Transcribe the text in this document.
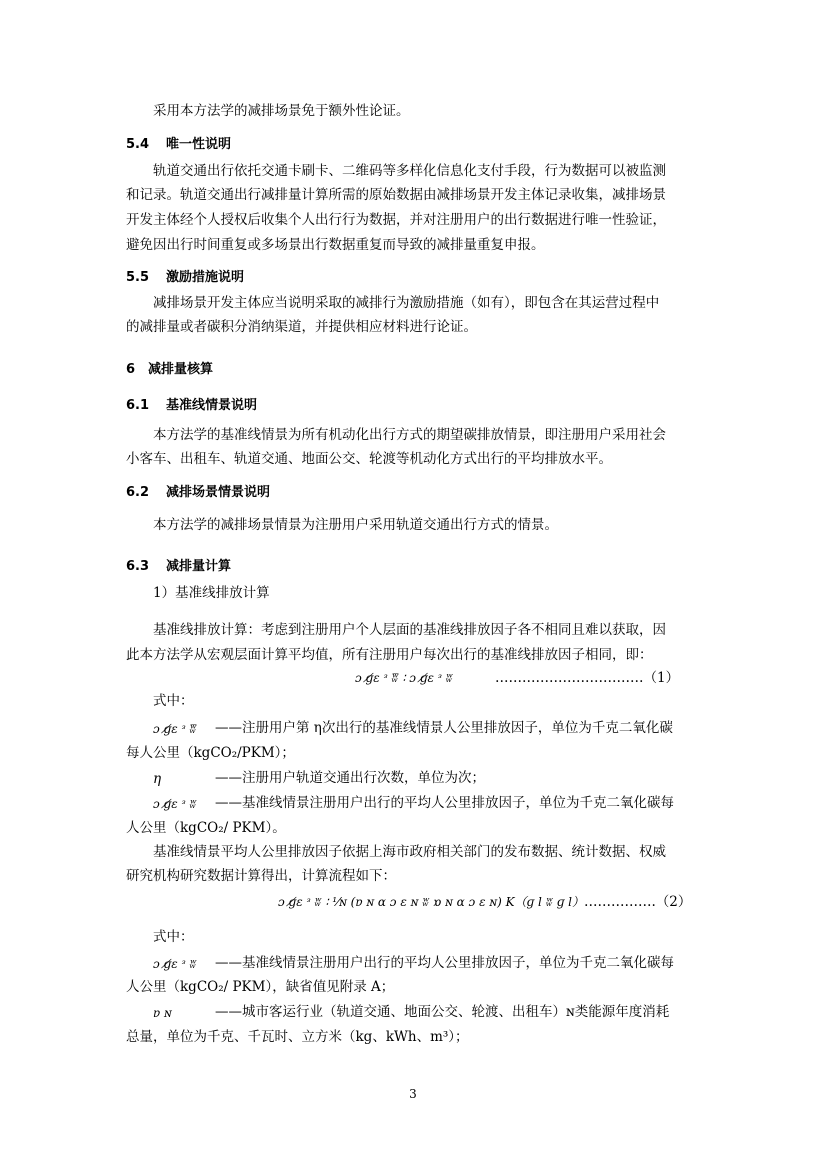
采用本方法学的减排场景免于额外性论证。
5.4 唯一性说明
轨道交通出行依托交通卡刷卡、二维码等多样化信息化支付手段，行为数据可以被监测
和记录。轨道交通出行减排量计算所需的原始数据由减排场景开发主体记录收集，减排场景
开发主体经个人授权后收集个人出行行为数据，并对注册用户的出行数据进行唯一性验证，
避免因出行时间重复或多场景出行数据重复而导致的减排量重复申报。
5.5 激励措施说明
减排场景开发主体应当说明采取的减排行为激励措施（如有），即包含在其运营过程中
的减排量或者碳积分消纳渠道，并提供相应材料进行论证。
6 减排量核算
6.1 基准线情景说明
本方法学的基准线情景为所有机动化出行方式的期望碳排放情景，即注册用户采用社会
小客车、出租车、轨道交通、地面公交、轮渡等机动化方式出行的平均排放水平。
6.2 减排场景情景说明
本方法学的减排场景情景为注册用户采用轨道交通出行方式的情景。
6.3 减排量计算
1）基准线排放计算
基准线排放计算：考虑到注册用户个人层面的基准线排放因子各不相同且难以获取，因
此本方法学从宏观层面计算平均值，所有注册用户每次出行的基准线排放因子相同，即：
ɔ ɡ̸ɛ ᵌ ʬ̅ ∶ ɔ ɡ̸ɛ ᵌ ʬ	……………………………（1）
式中：
ɔ ɡ̸ɛ ᵌ ʬ̅ ——注册用户第 η次出行的基准线情景人公里排放因子，单位为千克二氧化碳
每人公里（kgCO₂/PKM）；
η	——注册用户轨道交通出行次数，单位为次；
ɔ ɡ̸ɛ ᵌ ʬ ——基准线情景注册用户出行的平均人公里排放因子，单位为千克二氧化碳每
人公里（kgCO₂/ PKM）。
基准线情景平均人公里排放因子依据上海市政府相关部门的发布数据、统计数据、权威
研究机构研究数据计算得出，计算流程如下：
ɔ ɡ̸ɛ ᵌ ʬ ∶ ⅟ɴ (ɐ ɴ ɑ ɔ ɛ ɴ ʬ ɒ ɴ ɑ ɔ ɛ ɴ) K（ɡ l ʬ ɡ l） …………….（2）
式中：
ɔ ɡ̸ɛ ᵌ ʬ ——基准线情景注册用户出行的平均人公里排放因子，单位为千克二氧化碳每
人公里（kgCO₂/ PKM），缺省值见附录 A；
ɐ ɴ	——城市客运行业（轨道交通、地面公交、轮渡、出租车）ɴ类能源年度消耗
总量，单位为千克、千瓦时、立方米（kg、kWh、m³）；
3
